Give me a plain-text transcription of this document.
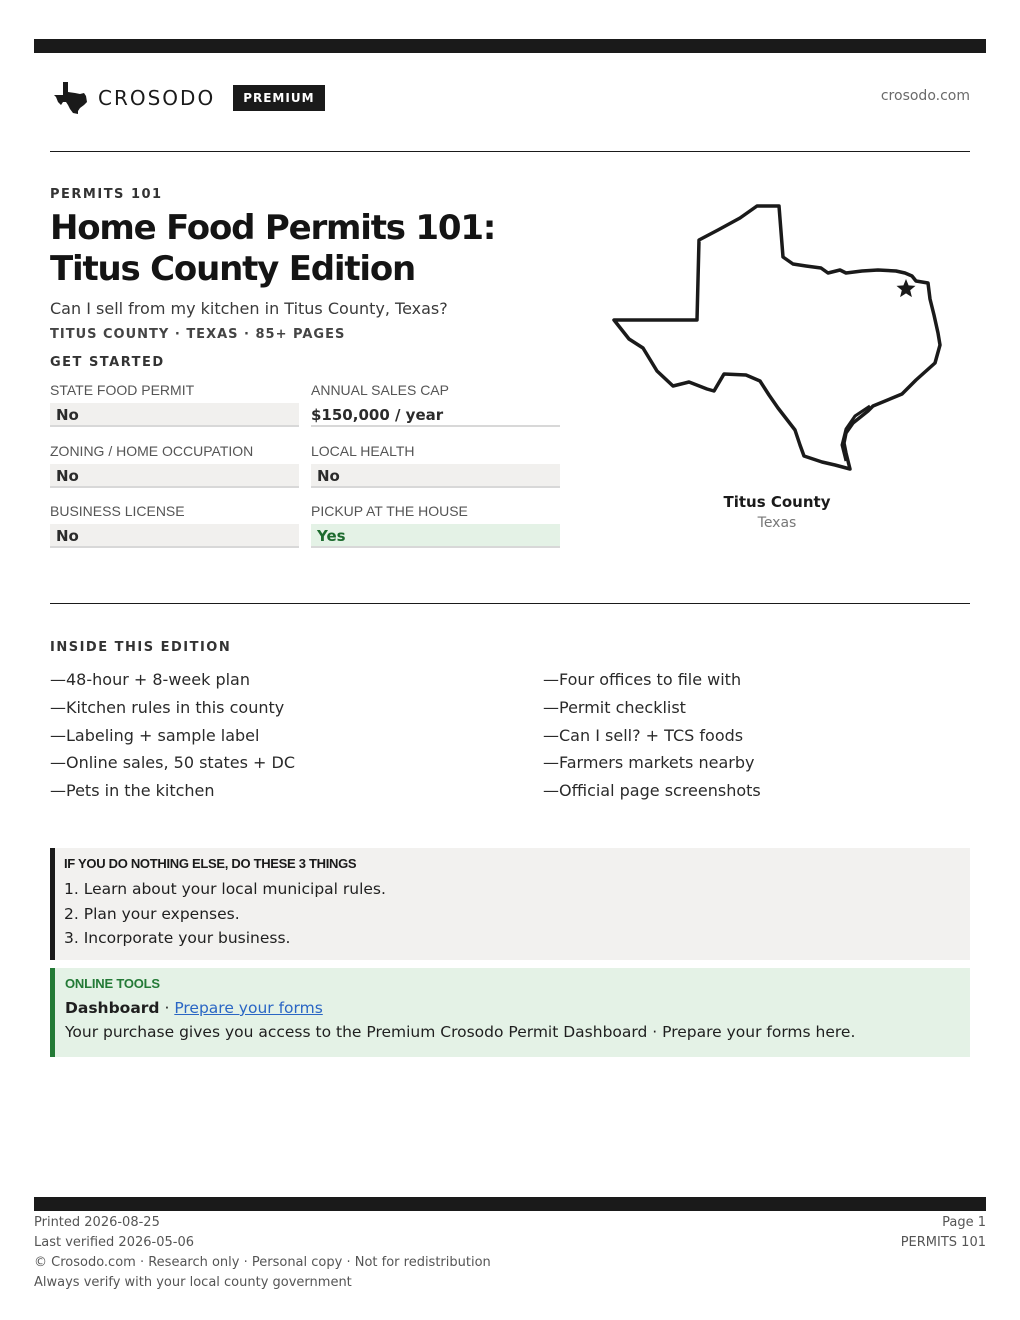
CROSODO	PREMIUM	crosodo.com
PERMITS 101
Home Food Permits 101: Titus County Edition
Can I sell from my kitchen in Titus County, Texas?
TITUS COUNTY · TEXAS · 85+ PAGES
GET STARTED
STATE FOOD PERMIT
No
ANNUAL SALES CAP
$150,000 / year
ZONING / HOME OCCUPATION
No
LOCAL HEALTH
No
BUSINESS LICENSE
No
PICKUP AT THE HOUSE
Yes
Titus County
Texas
INSIDE THIS EDITION
—48-hour + 8-week plan
—Kitchen rules in this county
—Labeling + sample label
—Online sales, 50 states + DC
—Pets in the kitchen
—Four offices to file with
—Permit checklist
—Can I sell? + TCS foods
—Farmers markets nearby
—Official page screenshots
IF YOU DO NOTHING ELSE, DO THESE 3 THINGS
1. Learn about your local municipal rules.
2. Plan your expenses.
3. Incorporate your business.
ONLINE TOOLS
Dashboard · Prepare your forms
Your purchase gives you access to the Premium Crosodo Permit Dashboard · Prepare your forms here.
Printed 2026-08-25
Last verified 2026-05-06
© Crosodo.com · Research only · Personal copy · Not for redistribution
Always verify with your local county government
Page 1
PERMITS 101
